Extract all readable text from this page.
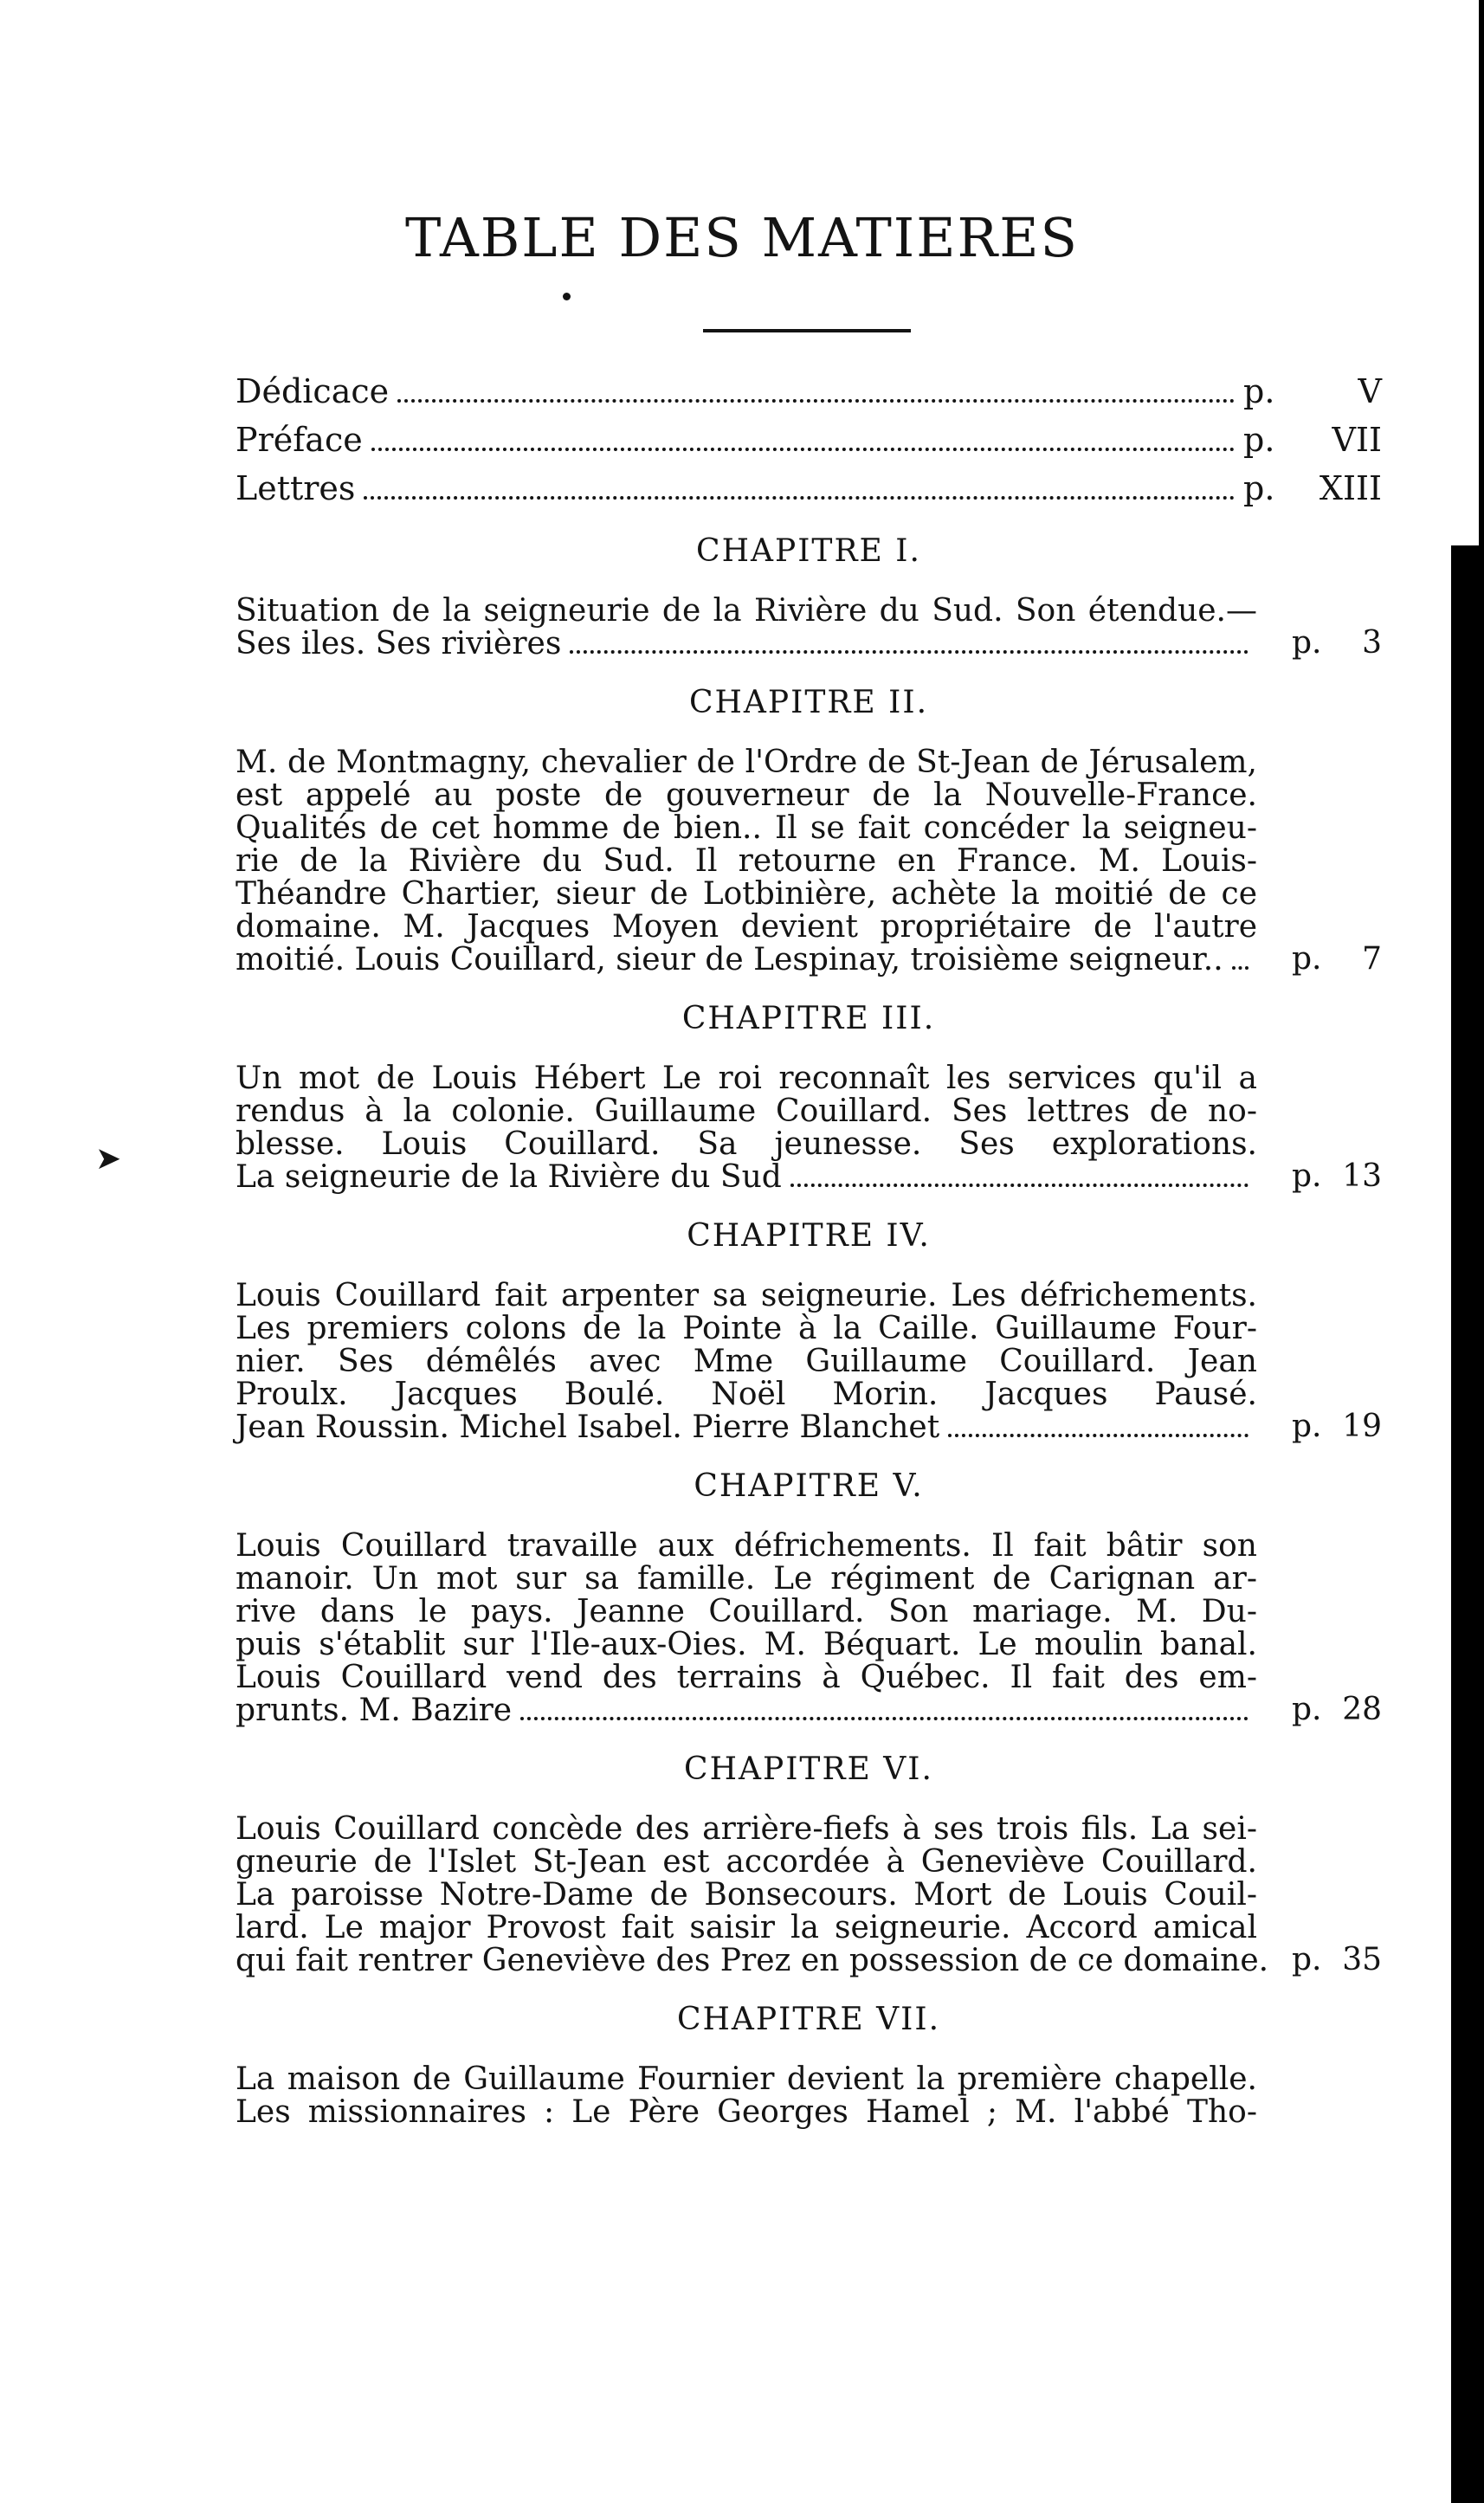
TABLE DES MATIERES
Dédicace	p.	V
Préface	p.	VII
Lettres	p.	XIII
CHAPITRE I.
Situation de la seigneurie de la Rivière du Sud. Son étendue.—
Ses iles. Ses rivières	p. 3
CHAPITRE II.
M. de Montmagny, chevalier de l'Ordre de St-Jean de Jérusalem,
est appelé au poste de gouverneur de la Nouvelle-France.
Qualités de cet homme de bien.. Il se fait concéder la seigneu-
rie de la Rivière du Sud. Il retourne en France. M. Louis-
Théandre Chartier, sieur de Lotbinière, achète la moitié de ce
domaine. M. Jacques Moyen devient propriétaire de l'autre
moitié. Louis Couillard, sieur de Lespinay, troisième seigneur.. p. 7
CHAPITRE III.
Un mot de Louis Hébert Le roi reconnaît les services qu'il a
rendus à la colonie. Guillaume Couillard. Ses lettres de no-
blesse. Louis Couillard. Sa jeunesse. Ses explorations.
La seigneurie de la Rivière du Sud	p. 13
CHAPITRE IV.
Louis Couillard fait arpenter sa seigneurie. Les défrichements.
Les premiers colons de la Pointe à la Caille. Guillaume Four-
nier. Ses démêlés avec Mme Guillaume Couillard. Jean
Proulx. Jacques Boulé. Noël Morin. Jacques Pausé.
Jean Roussin. Michel Isabel. Pierre Blanchet	p. 19
CHAPITRE V.
Louis Couillard travaille aux défrichements. Il fait bâtir son
manoir. Un mot sur sa famille. Le régiment de Carignan ar-
rive dans le pays. Jeanne Couillard. Son mariage. M. Du-
puis s'établit sur l'Ile-aux-Oies. M. Béquart. Le moulin banal.
Louis Couillard vend des terrains à Québec. Il fait des em-
prunts. M. Bazire	p. 28
CHAPITRE VI.
Louis Couillard concède des arrière-fiefs à ses trois fils. La sei-
gneurie de l'Islet St-Jean est accordée à Geneviève Couillard.
La paroisse Notre-Dame de Bonsecours. Mort de Louis Couil-
lard. Le major Provost fait saisir la seigneurie. Accord amical
qui fait rentrer Geneviève des Prez en possession de ce domaine. p. 35
CHAPITRE VII.
La maison de Guillaume Fournier devient la première chapelle.
Les missionnaires : Le Père Georges Hamel ; M. l'abbé Tho-
➤
